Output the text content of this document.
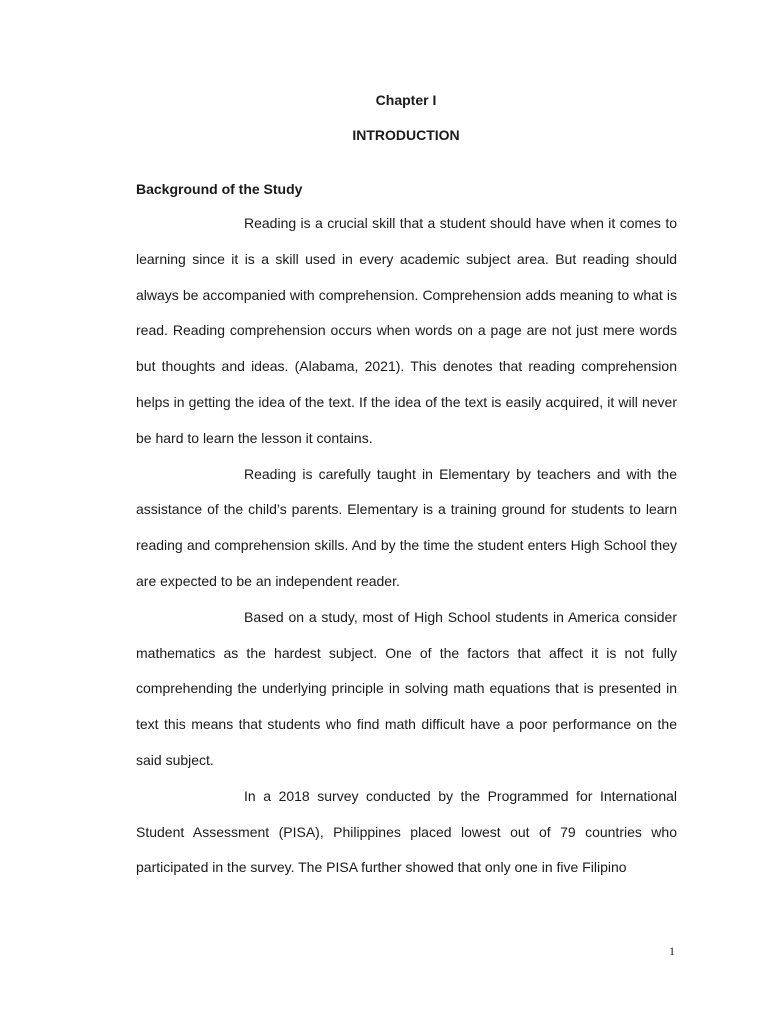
Chapter I
INTRODUCTION
Background of the Study

Reading is a crucial skill that a student should have when it comes to learning since it is a skill used in every academic subject area. But reading should always be accompanied with comprehension. Comprehension adds meaning to what is read. Reading comprehension occurs when words on a page are not just mere words but thoughts and ideas. (Alabama, 2021). This denotes that reading comprehension helps in getting the idea of the text. If the idea of the text is easily acquired, it will never be hard to learn the lesson it contains.

Reading is carefully taught in Elementary by teachers and with the assistance of the child’s parents. Elementary is a training ground for students to learn reading and comprehension skills. And by the time the student enters High School they are expected to be an independent reader.

Based on a study, most of High School students in America consider mathematics as the hardest subject. One of the factors that affect it is not fully comprehending the underlying principle in solving math equations that is presented in text this means that students who find math difficult have a poor performance on the said subject.

In a 2018 survey conducted by the Programmed for International Student Assessment (PISA), Philippines placed lowest out of 79 countries who participated in the survey. The PISA further showed that only one in five Filipino

1
